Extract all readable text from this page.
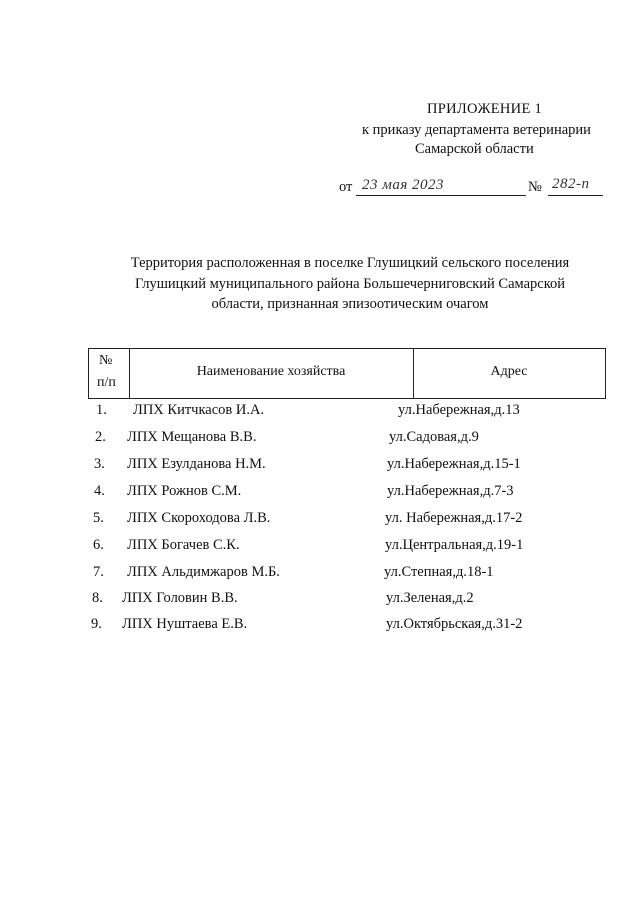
ПРИЛОЖЕНИЕ 1
к приказу департамента ветеринарии
Самарской области
от 23 мая 2023	№ 282-п
Территория расположенная в поселке Глушицкий сельского поселения
Глушицкий муниципального района Большечерниговский Самарской
области, признанная эпизоотическим очагом
№
п/п
Наименование хозяйства	Адрес
1. ЛПХ Китчкасов И.А.	ул.Набережная,д.13
2. ЛПХ Мещанова В.В.	ул.Садовая,д.9
3. ЛПХ Езулданова Н.М.	ул.Набережная,д.15-1
4. ЛПХ Рожнов С.М.	ул.Набережная,д.7-3
5. ЛПХ Скороходова Л.В.	ул. Набережная,д.17-2
6. ЛПХ Богачев С.К.	ул.Центральная,д.19-1
7. ЛПХ Альдимжаров М.Б.	ул.Степная,д.18-1
8. ЛПХ Головин В.В.	ул.Зеленая,д.2
9. ЛПХ Нуштаева Е.В.	ул.Октябрьская,д.31-2
